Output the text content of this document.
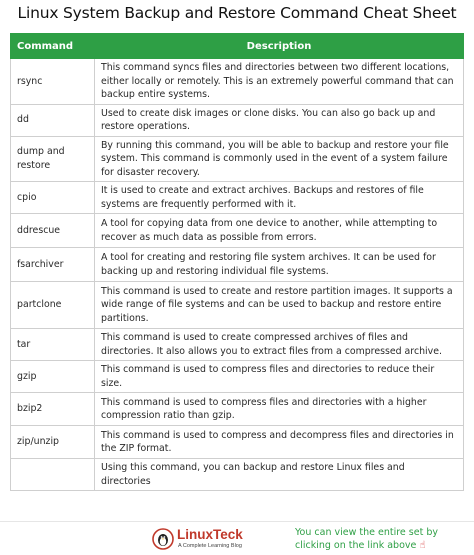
Linux System Backup and Restore Command Cheat Sheet
Command	Description
rsync	This command syncs files and directories between two different locations, either locally or remotely. This is an extremely powerful command that can backup entire systems.
dd	Used to create disk images or clone disks. You can also go back up and restore operations.
dump and restore	By running this command, you will be able to backup and restore your file system. This command is commonly used in the event of a system failure for disaster recovery.
cpio	It is used to create and extract archives. Backups and restores of file systems are frequently performed with it.
ddrescue	A tool for copying data from one device to another, while attempting to recover as much data as possible from errors.
fsarchiver	A tool for creating and restoring file system archives. It can be used for backing up and restoring individual file systems.
partclone	This command is used to create and restore partition images. It supports a wide range of file systems and can be used to backup and restore entire partitions.
tar	This command is used to create compressed archives of files and directories. It also allows you to extract files from a compressed archive.
gzip	This command is used to compress files and directories to reduce their size.
bzip2	This command is used to compress files and directories with a higher compression ratio than gzip.
zip/unzip	This command is used to compress and decompress files and directories in the ZIP format.
	Using this command, you can backup and restore Linux files and directories
LinuxTeck
A Complete Learning Blog
You can view the entire set by clicking on the link above ☝
